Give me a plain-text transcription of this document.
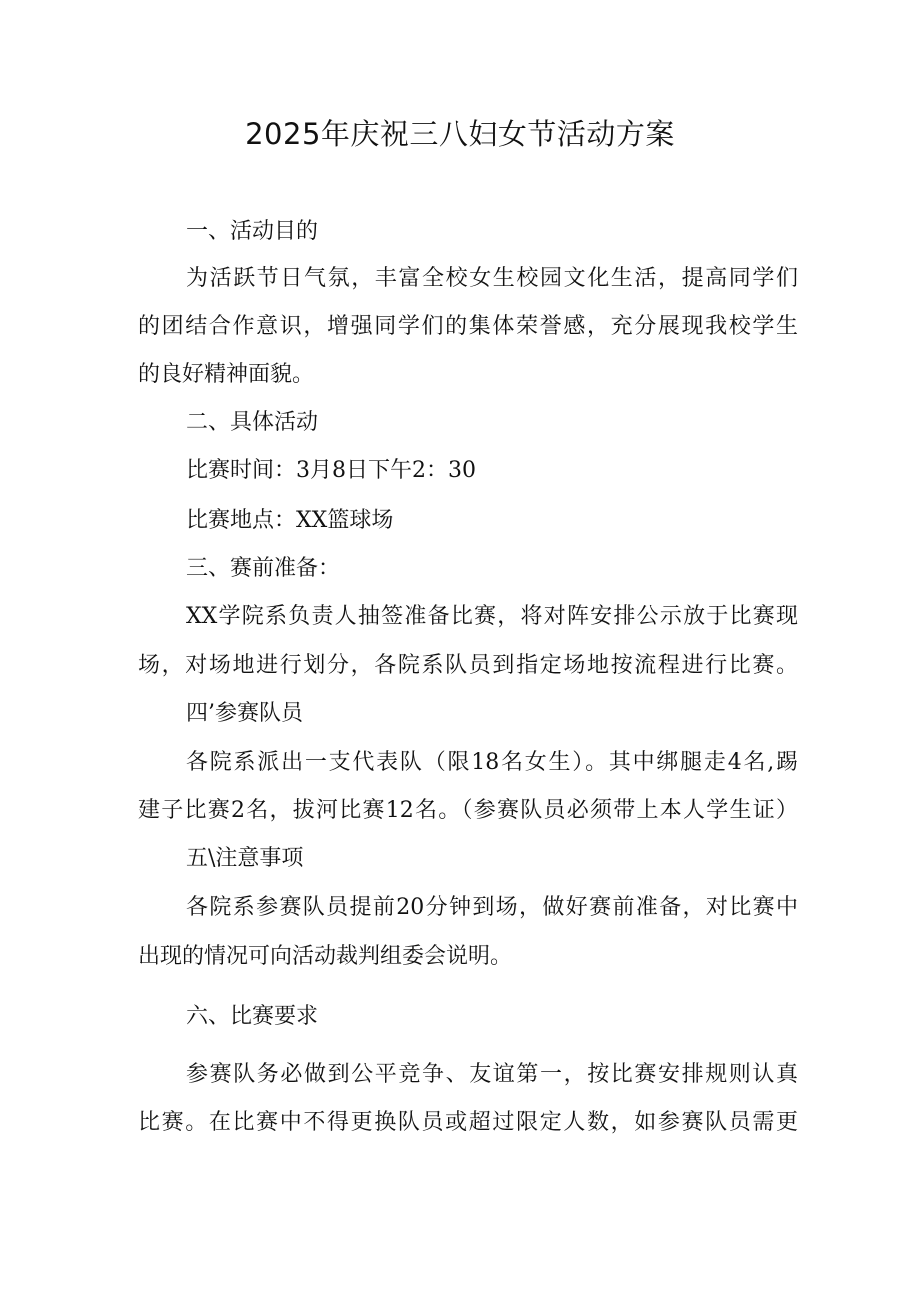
2025年庆祝三八妇女节活动方案

一、活动目的

为活跃节日气氛，丰富全校女生校园文化生活，提高同学们

的团结合作意识，增强同学们的集体荣誉感，充分展现我校学生

的良好精神面貌。

二、具体活动

比赛时间：3月8日下午2：30

比赛地点：XX篮球场

三、赛前准备：

XX学院系负责人抽签准备比赛，将对阵安排公示放于比赛现

场，对场地进行划分，各院系队员到指定场地按流程进行比赛。

四’参赛队员

各院系派出一支代表队（限18名女生）。其中绑腿走4名,踢

建子比赛2名，拔河比赛12名。（参赛队员必须带上本人学生证）

五\注意事项

各院系参赛队员提前20分钟到场，做好赛前准备，对比赛中

出现的情况可向活动裁判组委会说明。

六、比赛要求

参赛队务必做到公平竞争、友谊第一，按比赛安排规则认真

比赛。在比赛中不得更换队员或超过限定人数，如参赛队员需更
